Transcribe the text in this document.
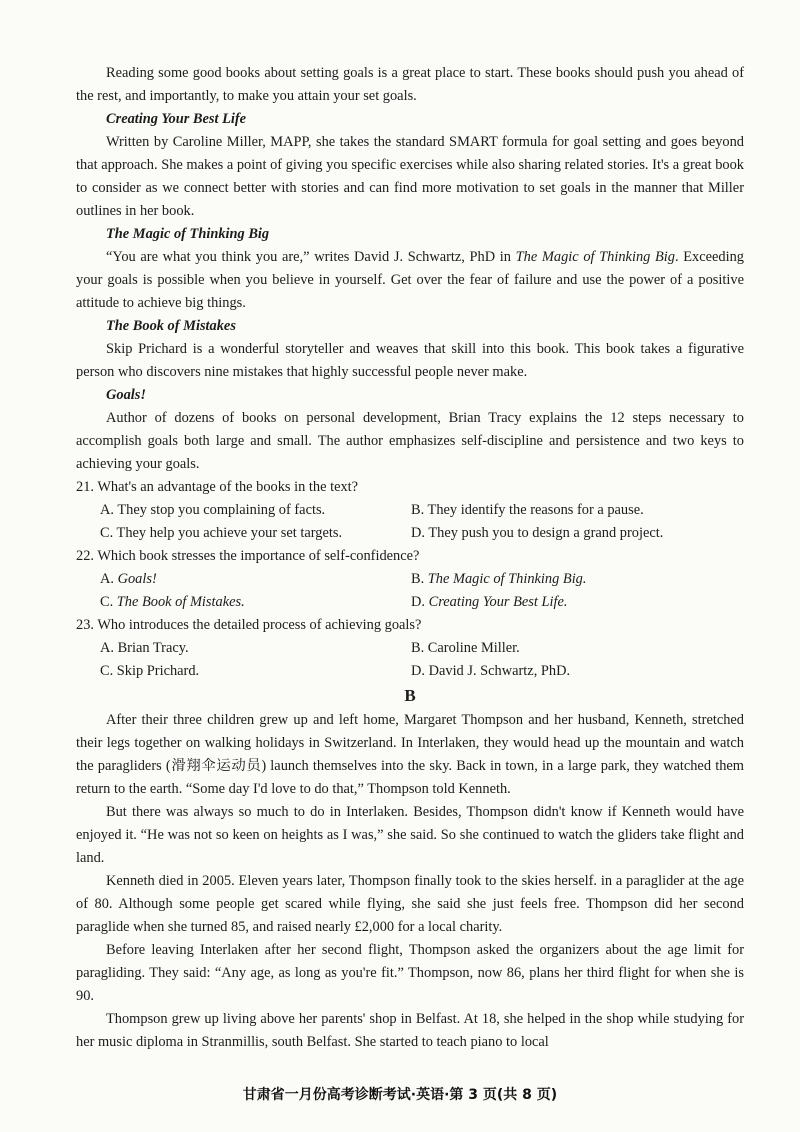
Reading some good books about setting goals is a great place to start. These books should push you ahead of the rest, and importantly, to make you attain your set goals.

Creating Your Best Life

Written by Caroline Miller, MAPP, she takes the standard SMART formula for goal setting and goes beyond that approach. She makes a point of giving you specific exercises while also sharing related stories. It's a great book to consider as we connect better with stories and can find more motivation to set goals in the manner that Miller outlines in her book.

The Magic of Thinking Big

“You are what you think you are,” writes David J. Schwartz, PhD in The Magic of Thinking Big. Exceeding your goals is possible when you believe in yourself. Get over the fear of failure and use the power of a positive attitude to achieve big things.

The Book of Mistakes

Skip Prichard is a wonderful storyteller and weaves that skill into this book. This book takes a figurative person who discovers nine mistakes that highly successful people never make.

Goals!

Author of dozens of books on personal development, Brian Tracy explains the 12 steps necessary to accomplish goals both large and small. The author emphasizes self-discipline and persistence and two keys to achieving your goals.

21. What's an advantage of the books in the text?
A. They stop you complaining of facts.	B. They identify the reasons for a pause.
C. They help you achieve your set targets.	D. They push you to design a grand project.
22. Which book stresses the importance of self-confidence?
A. Goals!	B. The Magic of Thinking Big.
C. The Book of Mistakes.	D. Creating Your Best Life.
23. Who introduces the detailed process of achieving goals?
A. Brian Tracy.	B. Caroline Miller.
C. Skip Prichard.	D. David J. Schwartz, PhD.
B

After their three children grew up and left home, Margaret Thompson and her husband, Kenneth, stretched their legs together on walking holidays in Switzerland. In Interlaken, they would head up the mountain and watch the paragliders (滑翔伞运动员) launch themselves into the sky. Back in town, in a large park, they watched them return to the earth. “Some day I'd love to do that,” Thompson told Kenneth.

But there was always so much to do in Interlaken. Besides, Thompson didn't know if Kenneth would have enjoyed it. “He was not so keen on heights as I was,” she said. So she continued to watch the gliders take flight and land.

Kenneth died in 2005. Eleven years later, Thompson finally took to the skies herself. in a paraglider at the age of 80. Although some people get scared while flying, she said she just feels free. Thompson did her second paraglide when she turned 85, and raised nearly £2,000 for a local charity.

Before leaving Interlaken after her second flight, Thompson asked the organizers about the age limit for paragliding. They said: “Any age, as long as you're fit.” Thompson, now 86, plans her third flight for when she is 90.

Thompson grew up living above her parents' shop in Belfast. At 18, she helped in the shop while studying for her music diploma in Stranmillis, south Belfast. She started to teach piano to local

甘肃省一月份高考诊断考试·英语·第 3 页(共 8 页)
